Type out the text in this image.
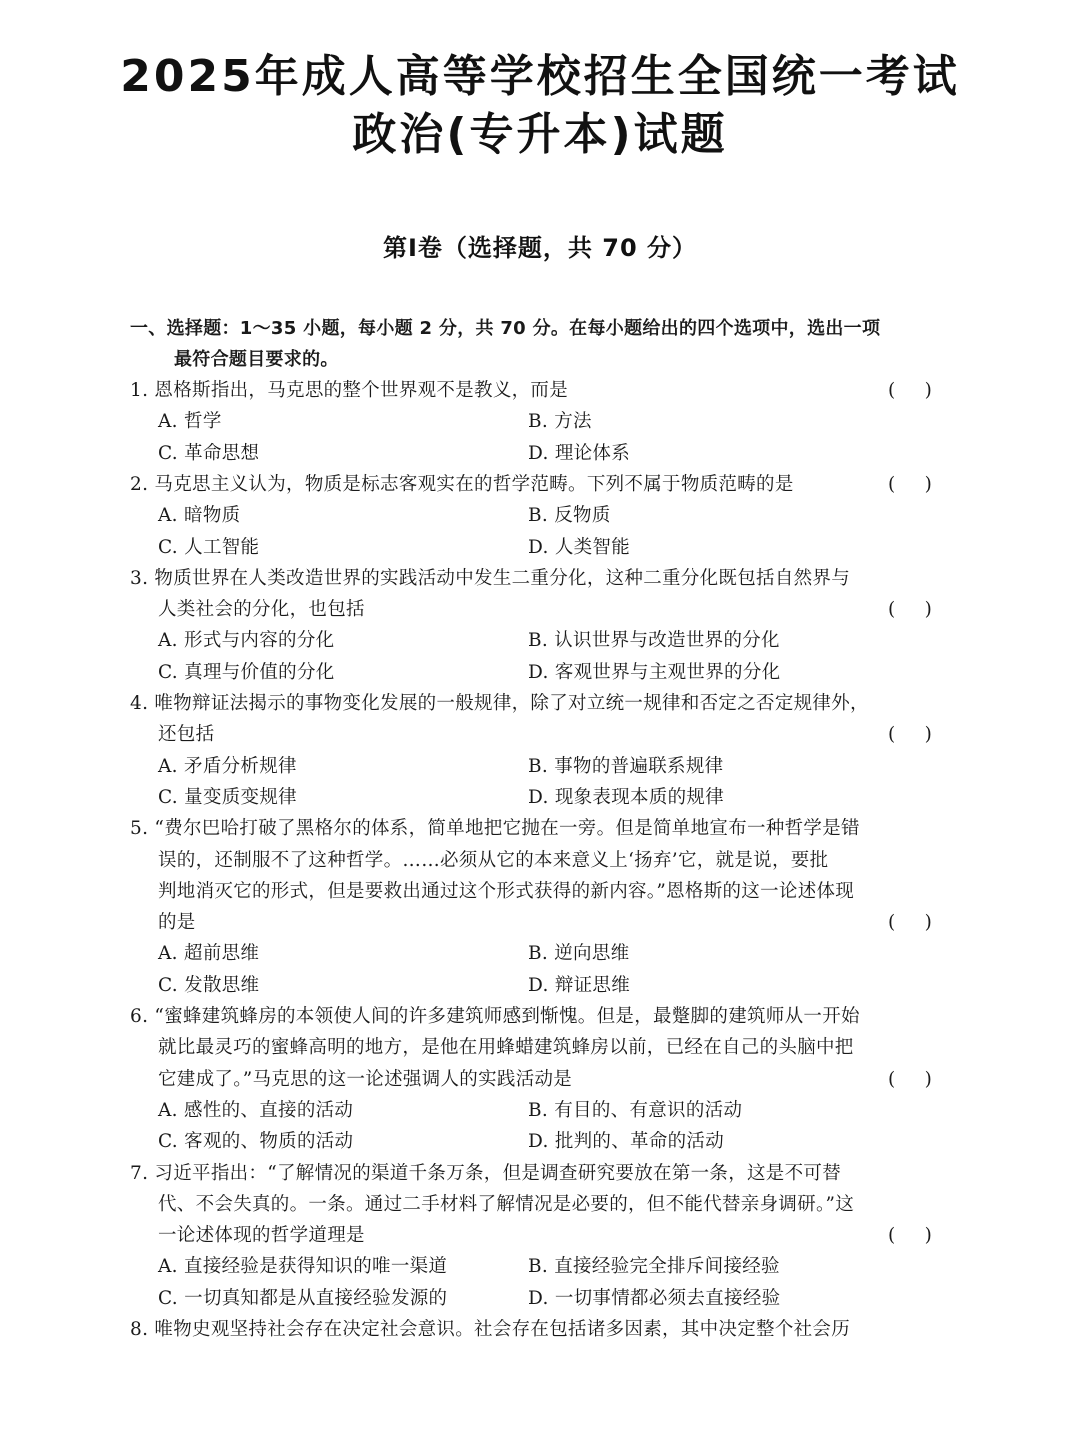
2025年成人高等学校招生全国统一考试
政治(专升本)试题
第Ⅰ卷（选择题，共 70 分）
一、选择题：1～35 小题，每小题 2 分，共 70 分。在每小题给出的四个选项中，选出一项
最符合题目要求的。
1. 恩格斯指出，马克思的整个世界观不是教义，而是	(     )
A. 哲学	B. 方法
C. 革命思想	D. 理论体系
2. 马克思主义认为，物质是标志客观实在的哲学范畴。下列不属于物质范畴的是	(     )
A. 暗物质	B. 反物质
C. 人工智能	D. 人类智能
3. 物质世界在人类改造世界的实践活动中发生二重分化，这种二重分化既包括自然界与
人类社会的分化，也包括	(     )
A. 形式与内容的分化	B. 认识世界与改造世界的分化
C. 真理与价值的分化	D. 客观世界与主观世界的分化
4. 唯物辩证法揭示的事物变化发展的一般规律，除了对立统一规律和否定之否定规律外，
还包括	(     )
A. 矛盾分析规律	B. 事物的普遍联系规律
C. 量变质变规律	D. 现象表现本质的规律
5. “费尔巴哈打破了黑格尔的体系，简单地把它抛在一旁。但是简单地宣布一种哲学是错
误的，还制服不了这种哲学。……必须从它的本来意义上‘扬弃’它，就是说，要批
判地消灭它的形式，但是要救出通过这个形式获得的新内容。”恩格斯的这一论述体现
的是	(     )
A. 超前思维	B. 逆向思维
C. 发散思维	D. 辩证思维
6. “蜜蜂建筑蜂房的本领使人间的许多建筑师感到惭愧。但是，最蹩脚的建筑师从一开始
就比最灵巧的蜜蜂高明的地方，是他在用蜂蜡建筑蜂房以前，已经在自己的头脑中把
它建成了。”马克思的这一论述强调人的实践活动是	(     )
A. 感性的、直接的活动	B. 有目的、有意识的活动
C. 客观的、物质的活动	D. 批判的、革命的活动
7. 习近平指出：“了解情况的渠道千条万条，但是调查研究要放在第一条，这是不可替
代、不会失真的。一条。通过二手材料了解情况是必要的，但不能代替亲身调研。”这
一论述体现的哲学道理是	(     )
A. 直接经验是获得知识的唯一渠道	B. 直接经验完全排斥间接经验
C. 一切真知都是从直接经验发源的	D. 一切事情都必须去直接经验
8. 唯物史观坚持社会存在决定社会意识。社会存在包括诸多因素，其中决定整个社会历
